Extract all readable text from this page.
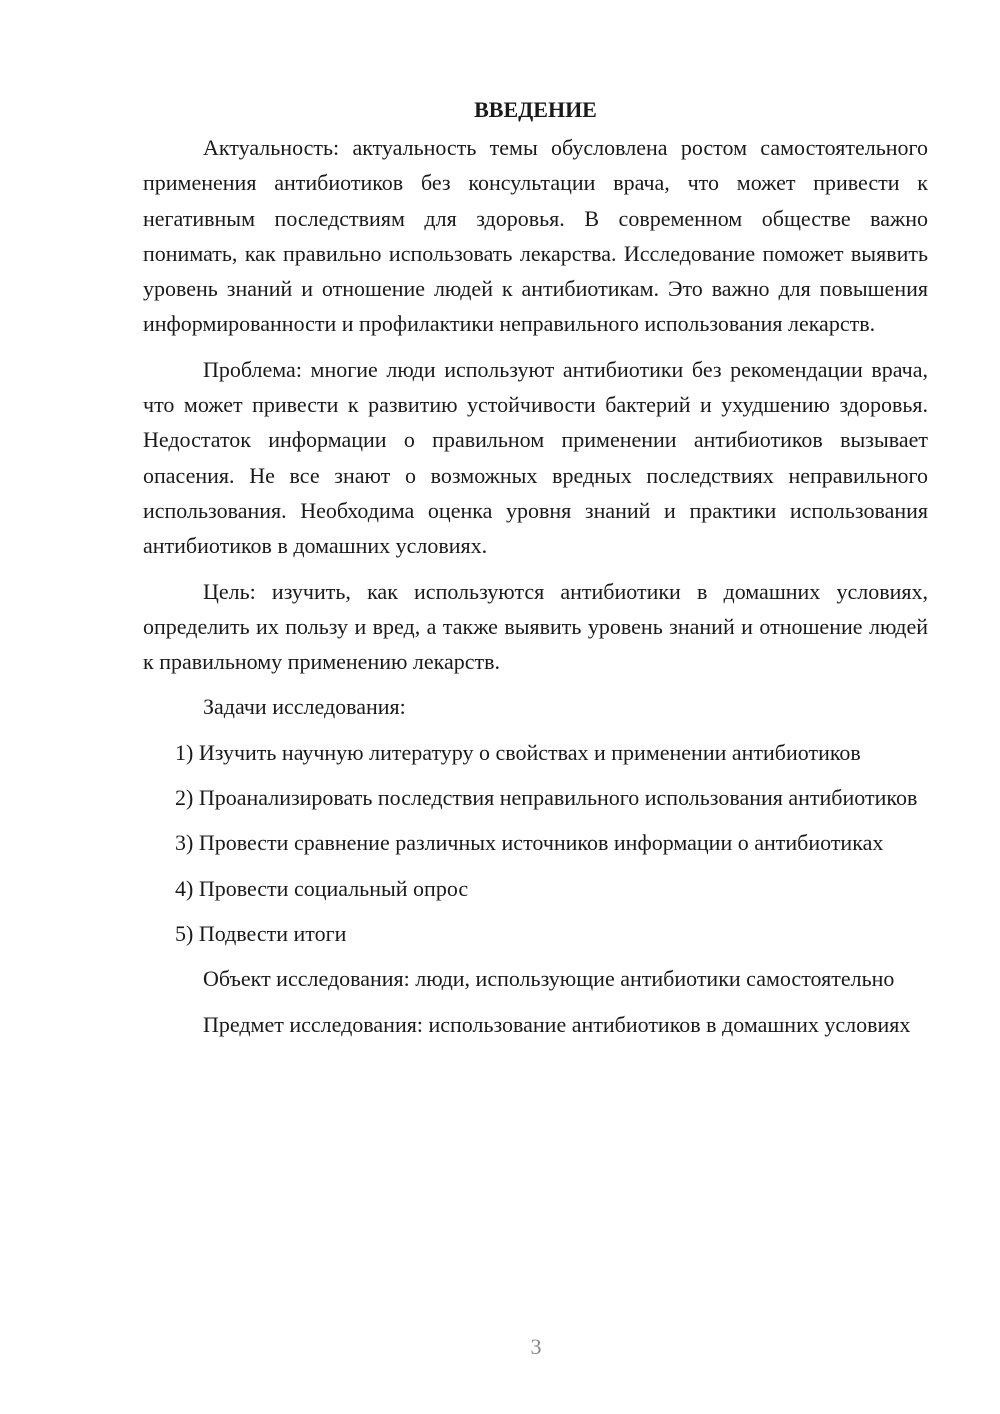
ВВЕДЕНИЕ

Актуальность: актуальность темы обусловлена ростом самостоятельного применения антибиотиков без консультации врача, что может привести к негативным последствиям для здоровья. В современном обществе важно понимать, как правильно использовать лекарства. Исследование поможет выявить уровень знаний и отношение людей к антибиотикам. Это важно для повышения информированности и профилактики неправильного использования лекарств.

Проблема: многие люди используют антибиотики без рекомендации врача, что может привести к развитию устойчивости бактерий и ухудшению здоровья. Недостаток информации о правильном применении антибиотиков вызывает опасения. Не все знают о возможных вредных последствиях неправильного использования. Необходима оценка уровня знаний и практики использования антибиотиков в домашних условиях.

Цель: изучить, как используются антибиотики в домашних условиях, определить их пользу и вред, а также выявить уровень знаний и отношение людей к правильному применению лекарств.

Задачи исследования:

1) Изучить научную литературу о свойствах и применении антибиотиков

2) Проанализировать последствия неправильного использования антибиотиков

3) Провести сравнение различных источников информации о антибиотиках

4) Провести социальный опрос

5) Подвести итоги

Объект исследования: люди, использующие антибиотики самостоятельно

Предмет исследования: использование антибиотиков в домашних условиях

3
